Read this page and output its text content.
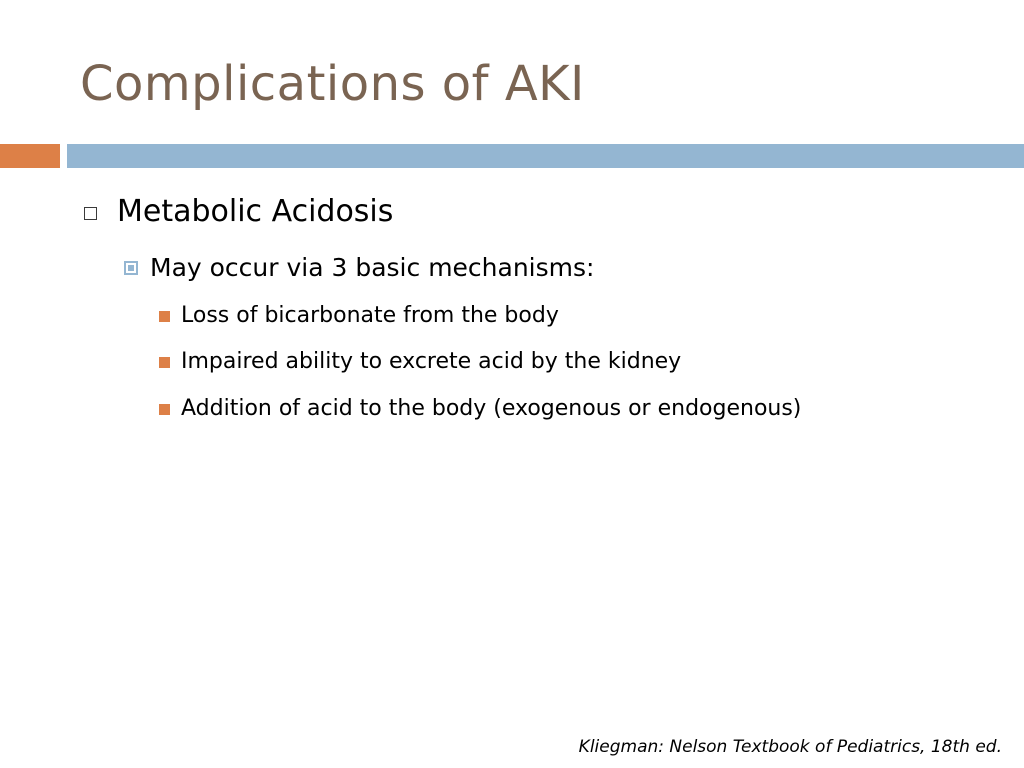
Complications of AKI
Metabolic Acidosis
May occur via 3 basic mechanisms:
Loss of bicarbonate from the body
Impaired ability to excrete acid by the kidney
Addition of acid to the body (exogenous or endogenous)
Kliegman: Nelson Textbook of Pediatrics, 18th ed.
